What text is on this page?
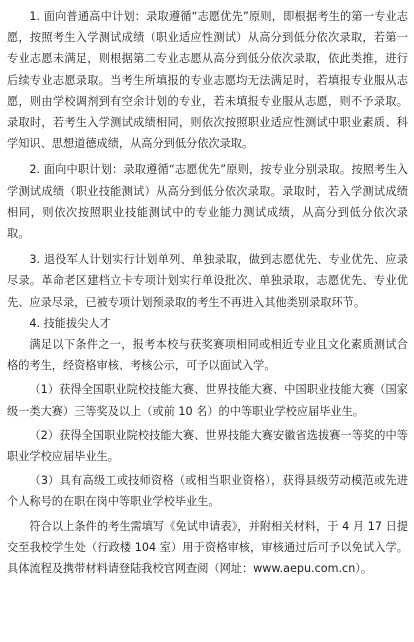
1. 面向普通高中计划：录取遵循“志愿优先”原则，即根据考生的第一专业志愿，按照考生入学测试成绩（职业适应性测试）从高分到低分依次录取，若第一专业志愿未满足，则根据第二专业志愿从高分到低分依次录取，依此类推，进行后续专业志愿录取。当考生所填报的专业志愿均无法满足时，若填报专业服从志愿，则由学校调剂到有空余计划的专业，若未填报专业服从志愿，则不予录取。录取时，若考生入学测试成绩相同，则依次按照职业适应性测试中职业素质、科学知识、思想道德成绩，从高分到低分依次录取。

2. 面向中职计划：录取遵循“志愿优先”原则，按专业分别录取。按照考生入学测试成绩（职业技能测试）从高分到低分依次录取。录取时，若入学测试成绩相同，则依次按照职业技能测试中的专业能力测试成绩，从高分到低分依次录取。

3. 退役军人计划实行计划单列、单独录取，做到志愿优先、专业优先、应录尽录。革命老区建档立卡专项计划实行单设批次、单独录取，志愿优先、专业优先、应录尽录，已被专项计划预录取的考生不再进入其他类别录取环节。

4. 技能拔尖人才

满足以下条件之一，报考本校与获奖赛项相同或相近专业且文化素质测试合格的考生，经资格审核、考核公示，可予以面试入学。

（1）获得全国职业院校技能大赛、世界技能大赛、中国职业技能大赛（国家级一类大赛）三等奖及以上（或前 10 名）的中等职业学校应届毕业生。

（2）获得全国职业院校技能大赛、世界技能大赛安徽省选拔赛一等奖的中等职业学校应届毕业生。

（3）具有高级工或技师资格（或相当职业资格），获得县级劳动模范或先进个人称号的在职在岗中等职业学校毕业生。

符合以上条件的考生需填写《免试申请表》，并附相关材料，于 4 月 17 日提交至我校学生处（行政楼 104 室）用于资格审核，审核通过后可予以免试入学。具体流程及携带材料请登陆我校官网查阅（网址：www.aepu.com.cn）。
